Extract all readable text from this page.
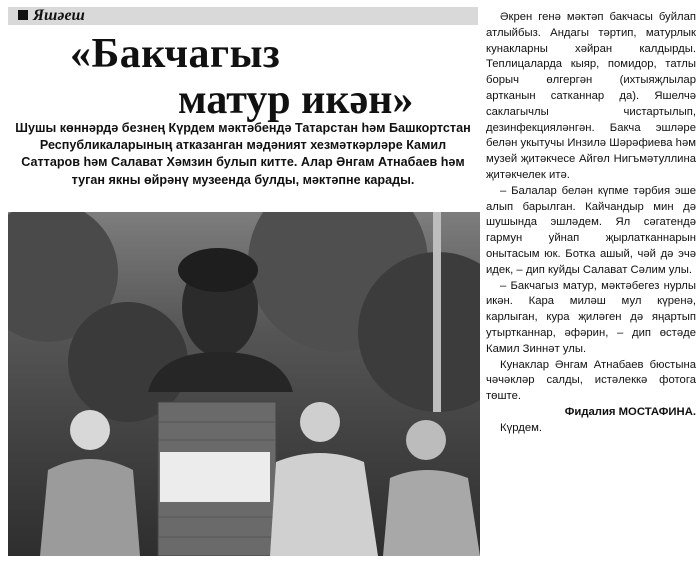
Яшәеш
«Бакчагыз
матур икән»
Шушы көннәрдә безнең Күрдем мәктәбендә Татарстан һәм Башкортстан Республикаларының атказанган мәдәният хезмәткәрләре Камил Саттаров һәм Салават Хәмзин булып китте. Алар Әнгам Атнабаев һәм туган якны өйрәнү музеенда булды, мәктәпне карады.

Әкрен генә мәктәп бакчасы буйлап атлыйбыз. Андагы тәртип, матурлык кунакларны хәйран калдырды. Теплицаларда кыяр, помидор, татлы борыч өлгергән (ихтыяҗлылар артканын сатканнар да). Яшелчә саклагычлы чистартылып, дезинфекцияләнгән. Бакча эшләре белән укытучы Инзилә Шәрәфиева һәм музей җитәкчесе Айгөл Нигъмәтуллина җитәкчелек итә.

– Балалар белән күпме тәрбия эше алып барылган. Кайчандыр мин дә шушында эшләдем. Ял сәгатендә гармун уйнап җырлатканнарын онытасым юк. Ботка ашый, чәй дә эчә идек, – дип куйды Салават Сәлим улы.

– Бакчагыз матур, мәктәбегез нурлы икән. Кара миләш мул күренә, карлыган, кура җиләген дә яңартып утыртканнар, әфәрин, – дип өстәде Камил Зиннәт улы.

Кунаклар Әнгам Атнабаев бюстына чәчәкләр салды, истәлеккә фотога төште.

Фидалия МОСТАФИНА.

Күрдем.
